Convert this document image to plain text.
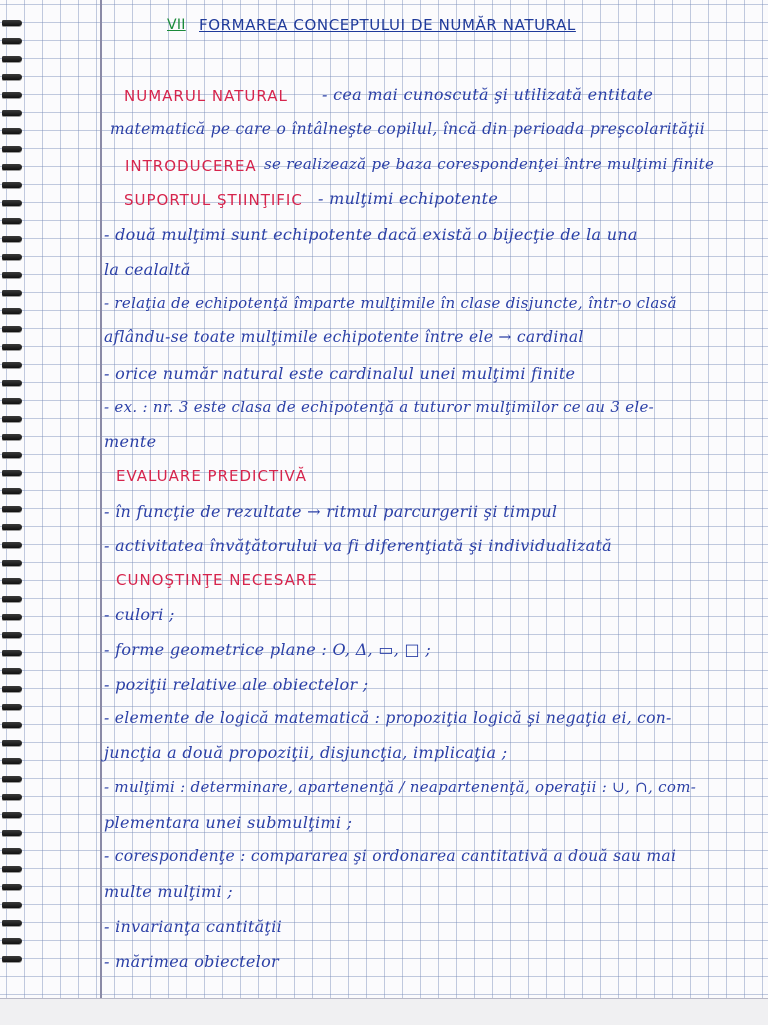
VII FORMAREA CONCEPTULUI DE NUMĂR NATURAL
NUMARUL NATURAL - cea mai cunoscută şi utilizată entitate
matematică pe care o întâlneşte copilul, încă din perioada preşcolarităţii
INTRODUCEREA se realizează pe baza corespondenţei între mulţimi finite
SUPORTUL ŞTIINŢIFIC - mulţimi echipotente
- două mulţimi sunt echipotente dacă există o bijecţie de la una
la cealaltă
- relaţia de echipotenţă împarte mulţimile în clase disjuncte, într-o clasă
aflându-se toate mulţimile echipotente între ele → cardinal
- orice număr natural este cardinalul unei mulţimi finite
- ex. : nr. 3 este clasa de echipotenţă a tuturor mulţimilor ce au 3 ele-
mente
EVALUARE PREDICTIVĂ
- în funcţie de rezultate → ritmul parcurgerii şi timpul
- activitatea învăţătorului va fi diferenţiată şi individualizată
CUNOŞTINŢE NECESARE
- culori ;
- forme geometrice plane : O, Δ, ▭, □ ;
- poziţii relative ale obiectelor ;
- elemente de logică matematică : propoziţia logică şi negaţia ei, con-
juncţia a două propoziţii, disjuncţia, implicaţia ;
- mulţimi : determinare, apartenenţă / neapartenenţă, operaţii : ∪, ∩, com-
plementara unei submulţimi ;
- corespondenţe : compararea şi ordonarea cantitativă a două sau mai
multe mulţimi ;
- invarianţa cantităţii
- mărimea obiectelor
